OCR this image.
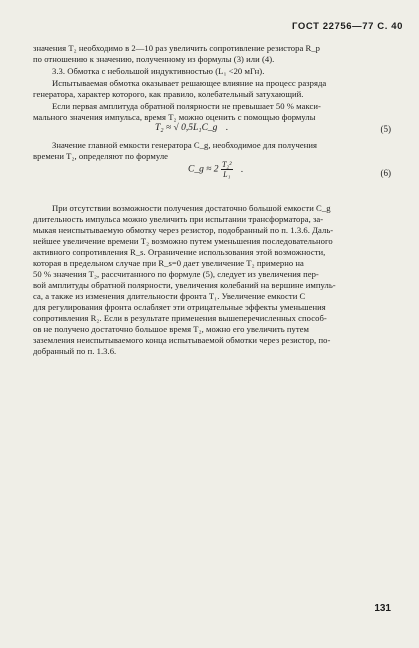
ГОСТ 22756—77 С. 40
значения Т₂ необходимо в 2—10 раз увеличить сопротивление резистора R_р
по отношению к значению, полученному из формулы (3) или (4).
3.3. Обмотка с небольшой индуктивностью (L₁ <20 мГн).
Испытываемая обмотка оказывает решающее влияние на процесс разряда
генератора, характер которого, как правило, колебательный затухающий.
Если первая амплитуда обратной полярности не превышает 50 % макси-
мального значения импульса, время Т₂ можно оценить с помощью формулы
T₂ ≈ √ 0,5L₁C_g .	(5)
Значение главной емкости генератора С_g, необходимое для получения
времени Т₂, определяют по формуле
C_g ≈ $2 \frac{\text{T₂²}}{\text{L₁}}$ .	(6)
При отсутствии возможности получения достаточно большой емкости С_g
длительность импульса можно увеличить при испытании трансформатора, за-
мыкая неиспытываемую обмотку через резистор, подобранный по п. 1.3.6. Даль-
нейшее увеличение времени Т₂ возможно путем уменьшения последовательного
активного сопротивления R_s. Ограничение использования этой возможности,
которая в предельном случае при R_s=0 дает увеличение Т₂ примерно на
50 % значения Т₂, рассчитанного по формуле (5), следует из увеличения пер-
вой амплитуды обратной полярности, увеличения колебаний на вершине импуль-
са, а также из изменения длительности фронта Т₁. Увеличение емкости С
для регулирования фронта ослабляет эти отрицательные эффекты уменьшения
сопротивления R₂. Если в результате применения вышеперечисленных способ-
ов не получено достаточно большое время Т₂, можно его увеличить путем
заземления неиспытываемого конца испытываемой обмотки через резистор, по-
добранный по п. 1.3.6.
131
